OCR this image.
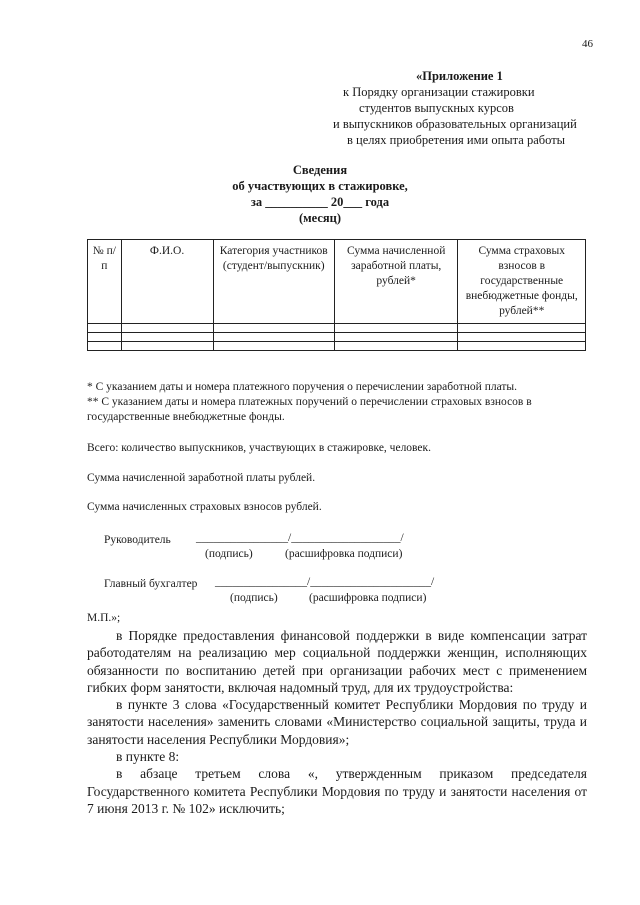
46
«Приложение 1
к Порядку организации стажировки
студентов выпускных курсов
и выпускников образовательных организаций
в целях приобретения ими опыта работы
Сведения
об участвующих в стажировке,
за __________ 20___ года
(месяц)
№ п/п	Ф.И.О.	Категория участников (студент/выпускник)	Сумма начисленной заработной платы, рублей*	Сумма страховых взносов в государственные внебюджетные фонды, рублей**

* С указанием даты и номера платежного поручения о перечислении заработной платы.
** С указанием даты и номера платежных поручений о перечислении страховых взносов в государственные внебюджетные фонды.
Всего: количество выпускников, участвующих в стажировке, человек.
Сумма начисленной заработной платы рублей.
Сумма начисленных страховых взносов рублей.
Руководитель ________________/___________________/
(подпись)	(расшифровка подписи)
Главный бухгалтер ________________/_____________________/
(подпись)	(расшифровка подписи)
М.П.»;

в Порядке предоставления финансовой поддержки в виде компенсации затрат работодателям на реализацию мер социальной поддержки женщин, исполняющих обязанности по воспитанию детей при организации рабочих мест с применением гибких форм занятости, включая надомный труд, для их трудоустройства:

в пункте 3 слова «Государственный комитет Республики Мордовия по труду и занятости населения» заменить словами «Министерство социальной защиты, труда и занятости населения Республики Мордовия»;

в пункте 8:

в абзаце третьем слова «, утвержденным приказом председателя Государственного комитета Республики Мордовия по труду и занятости населения от 7 июня 2013 г. № 102» исключить;
